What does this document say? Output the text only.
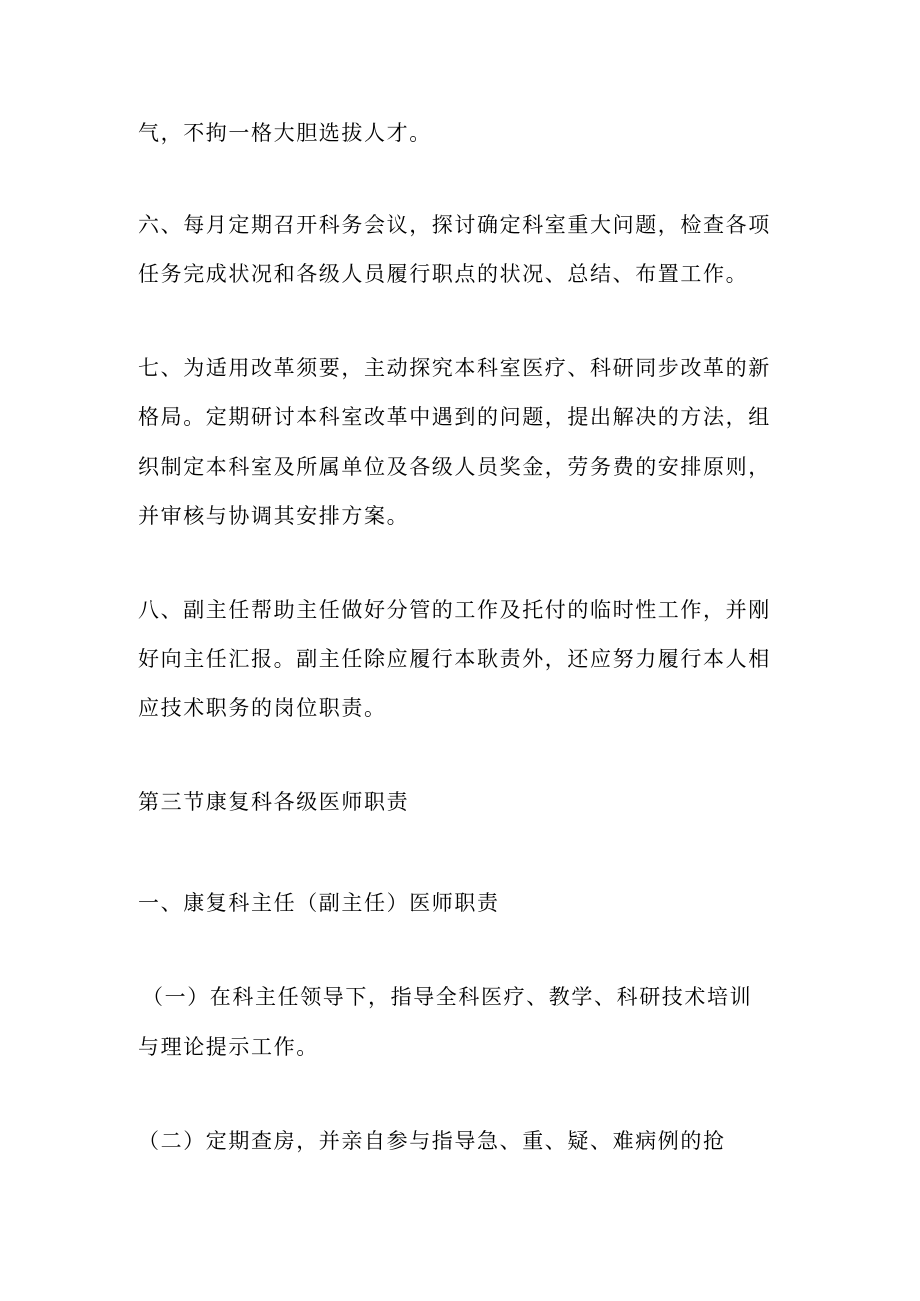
气，不拘一格大胆选拔人才。
六、每月定期召开科务会议，探讨确定科室重大问题，检查各项
任务完成状况和各级人员履行职点的状况、总结、布置工作。
七、为适用改革须要，主动探究本科室医疗、科研同步改革的新
格局。定期研讨本科室改革中遇到的问题，提出解决的方法，组
织制定本科室及所属单位及各级人员奖金，劳务费的安排原则，
并审核与协调其安排方案。
八、副主任帮助主任做好分管的工作及托付的临时性工作，并刚
好向主任汇报。副主任除应履行本耿责外，还应努力履行本人相
应技术职务的岗位职责。
第三节康复科各级医师职责
一、康复科主任（副主任）医师职责
（一）在科主任领导下，指导全科医疗、教学、科研技术培训
与理论提示工作。
（二）定期查房，并亲自参与指导急、重、疑、难病例的抢
